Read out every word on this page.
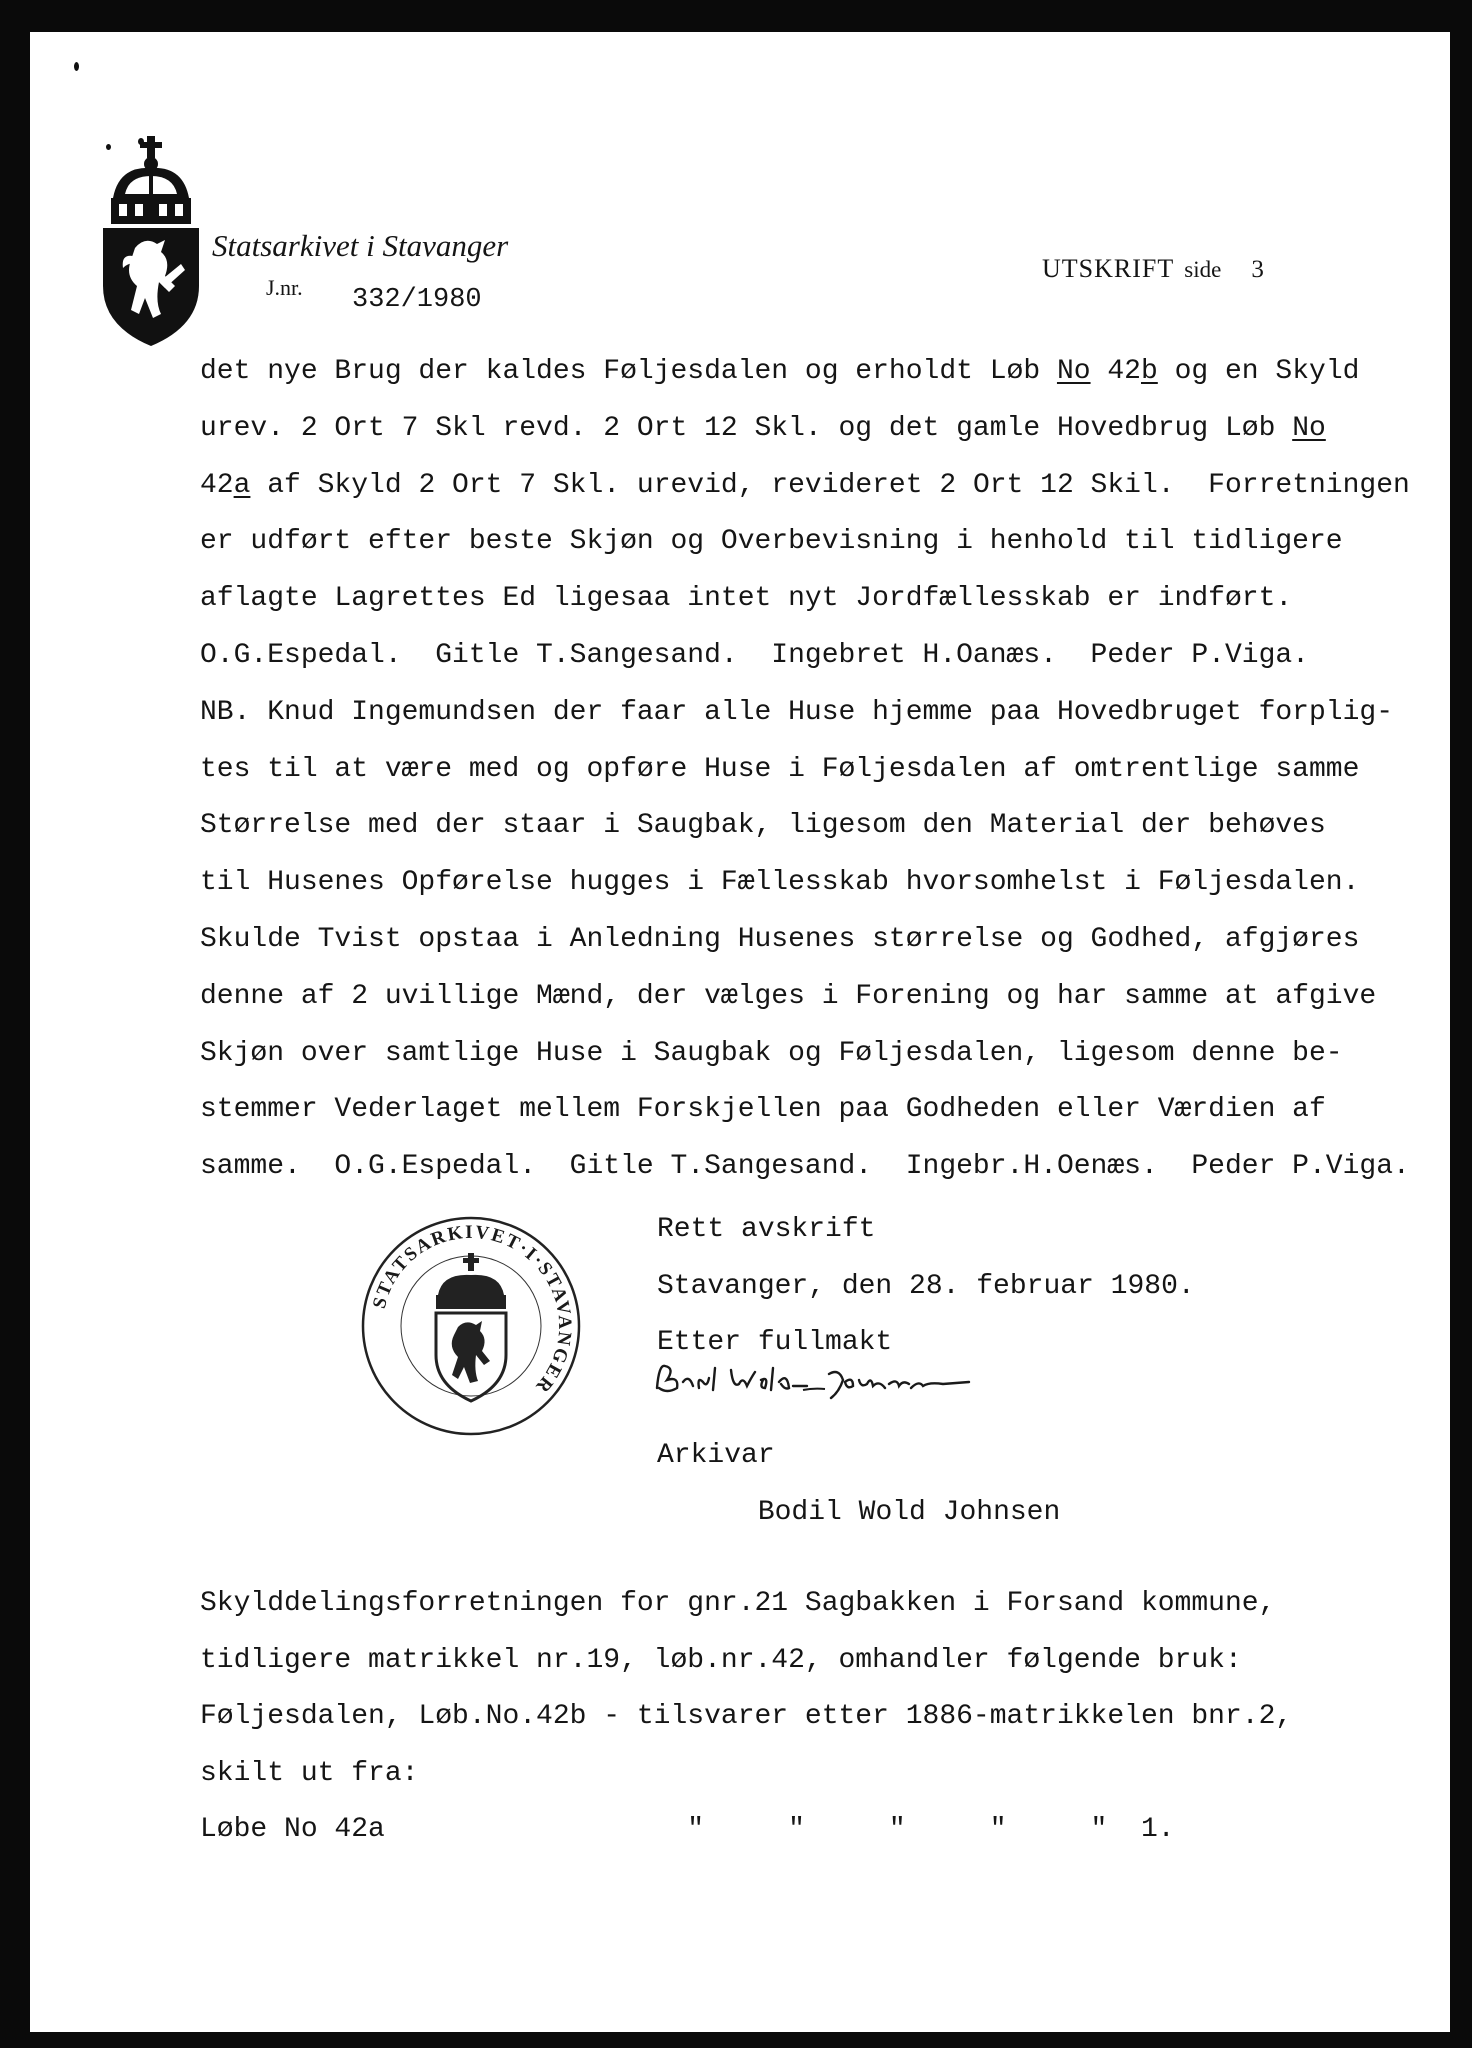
Statsarkivet i Stavanger
J.nr. 332/1980
UTSKRIFT side 3
det nye Brug der kaldes Føljesdalen og erholdt Løb No 42b og en Skyld
urev. 2 Ort 7 Skl revd. 2 Ort 12 Skl. og det gamle Hovedbrug Løb No
42a af Skyld 2 Ort 7 Skl. urevid, revideret 2 Ort 12 Skil.  Forretningen
er udført efter beste Skjøn og Overbevisning i henhold til tidligere
aflagte Lagrettes Ed ligesaa intet nyt Jordfællesskab er indført.
O.G.Espedal.  Gitle T.Sangesand.  Ingebret H.Oanæs.  Peder P.Viga.
NB. Knud Ingemundsen der faar alle Huse hjemme paa Hovedbruget forplig-
tes til at være med og opføre Huse i Føljesdalen af omtrentlige samme
Størrelse med der staar i Saugbak, ligesom den Material der behøves
til Husenes Opførelse hugges i Fællesskab hvorsomhelst i Føljesdalen.
Skulde Tvist opstaa i Anledning Husenes størrelse og Godhed, afgjøres
denne af 2 uvillige Mænd, der vælges i Forening og har samme at afgive
Skjøn over samtlige Huse i Saugbak og Føljesdalen, ligesom denne be-
stemmer Vederlaget mellem Forskjellen paa Godheden eller Værdien af
samme.  O.G.Espedal.  Gitle T.Sangesand.  Ingebr.H.Oenæs.  Peder P.Viga.
STATSARKIVET·I·STAVANGER
Rett avskrift
Stavanger, den 28. februar 1980.
Etter fullmakt

Bodil Wold Johnsen

Arkivar
Skylddelingsforretningen for gnr.21 Sagbakken i Forsand kommune,
tidligere matrikkel nr.19, løb.nr.42, omhandler følgende bruk:
Føljesdalen, Løb.No.42b - tilsvarer etter 1886-matrikkelen bnr.2,
skilt ut fra:
Løbe No 42a                  "     "     "     "     "  1.
